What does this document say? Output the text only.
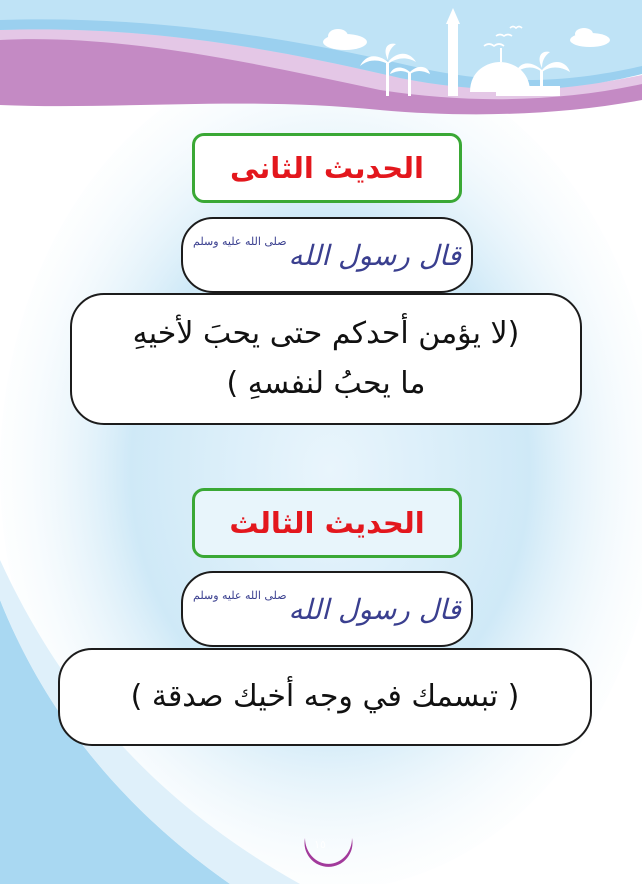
الحديث الثانى
قال رسول الله
صلى الله عليه وسلم
(لا يؤمن أحدكم حتى يحبَ لأخيهِ
ما يحبُ لنفسهِ )
الحديث الثالث
قال رسول الله
صلى الله عليه وسلم
( تبسمك في وجه أخيك صدقة )
١٥
